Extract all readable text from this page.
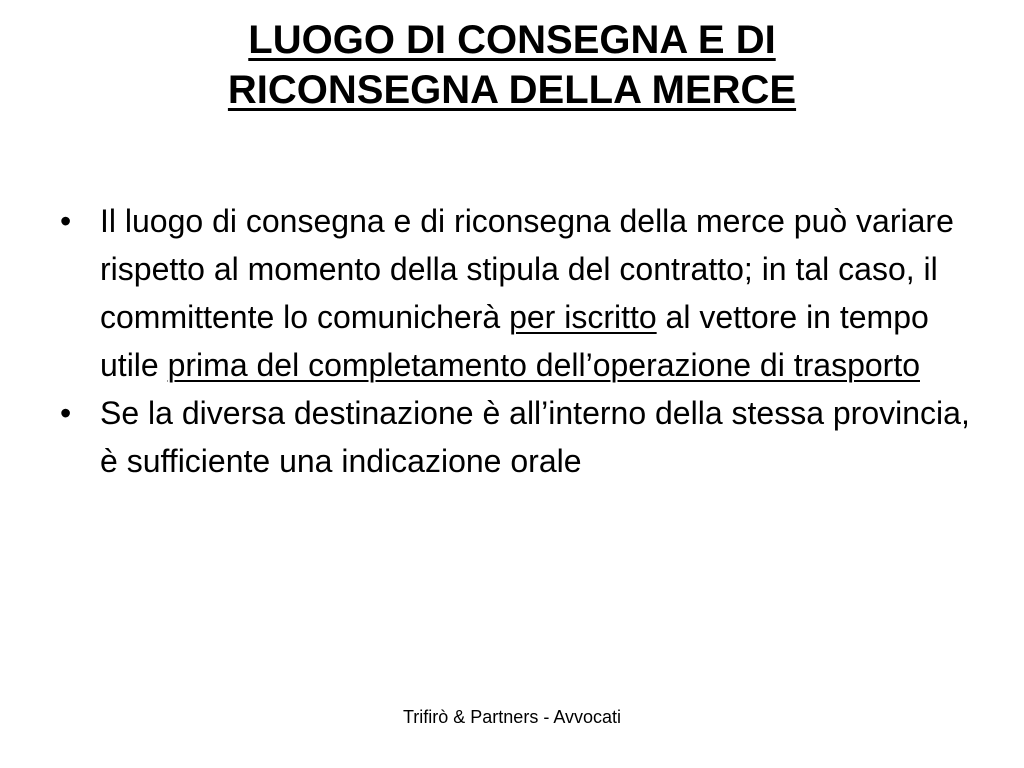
LUOGO DI CONSEGNA E DI
RICONSEGNA DELLA MERCE
• Il luogo di consegna e di riconsegna della merce può variare rispetto al momento della stipula del contratto; in tal caso, il committente lo comunicherà per iscritto al vettore in tempo utile prima del completamento dell’operazione di trasporto
• Se la diversa destinazione è all’interno della stessa provincia, è sufficiente una indicazione orale
Trifirò & Partners - Avvocati
